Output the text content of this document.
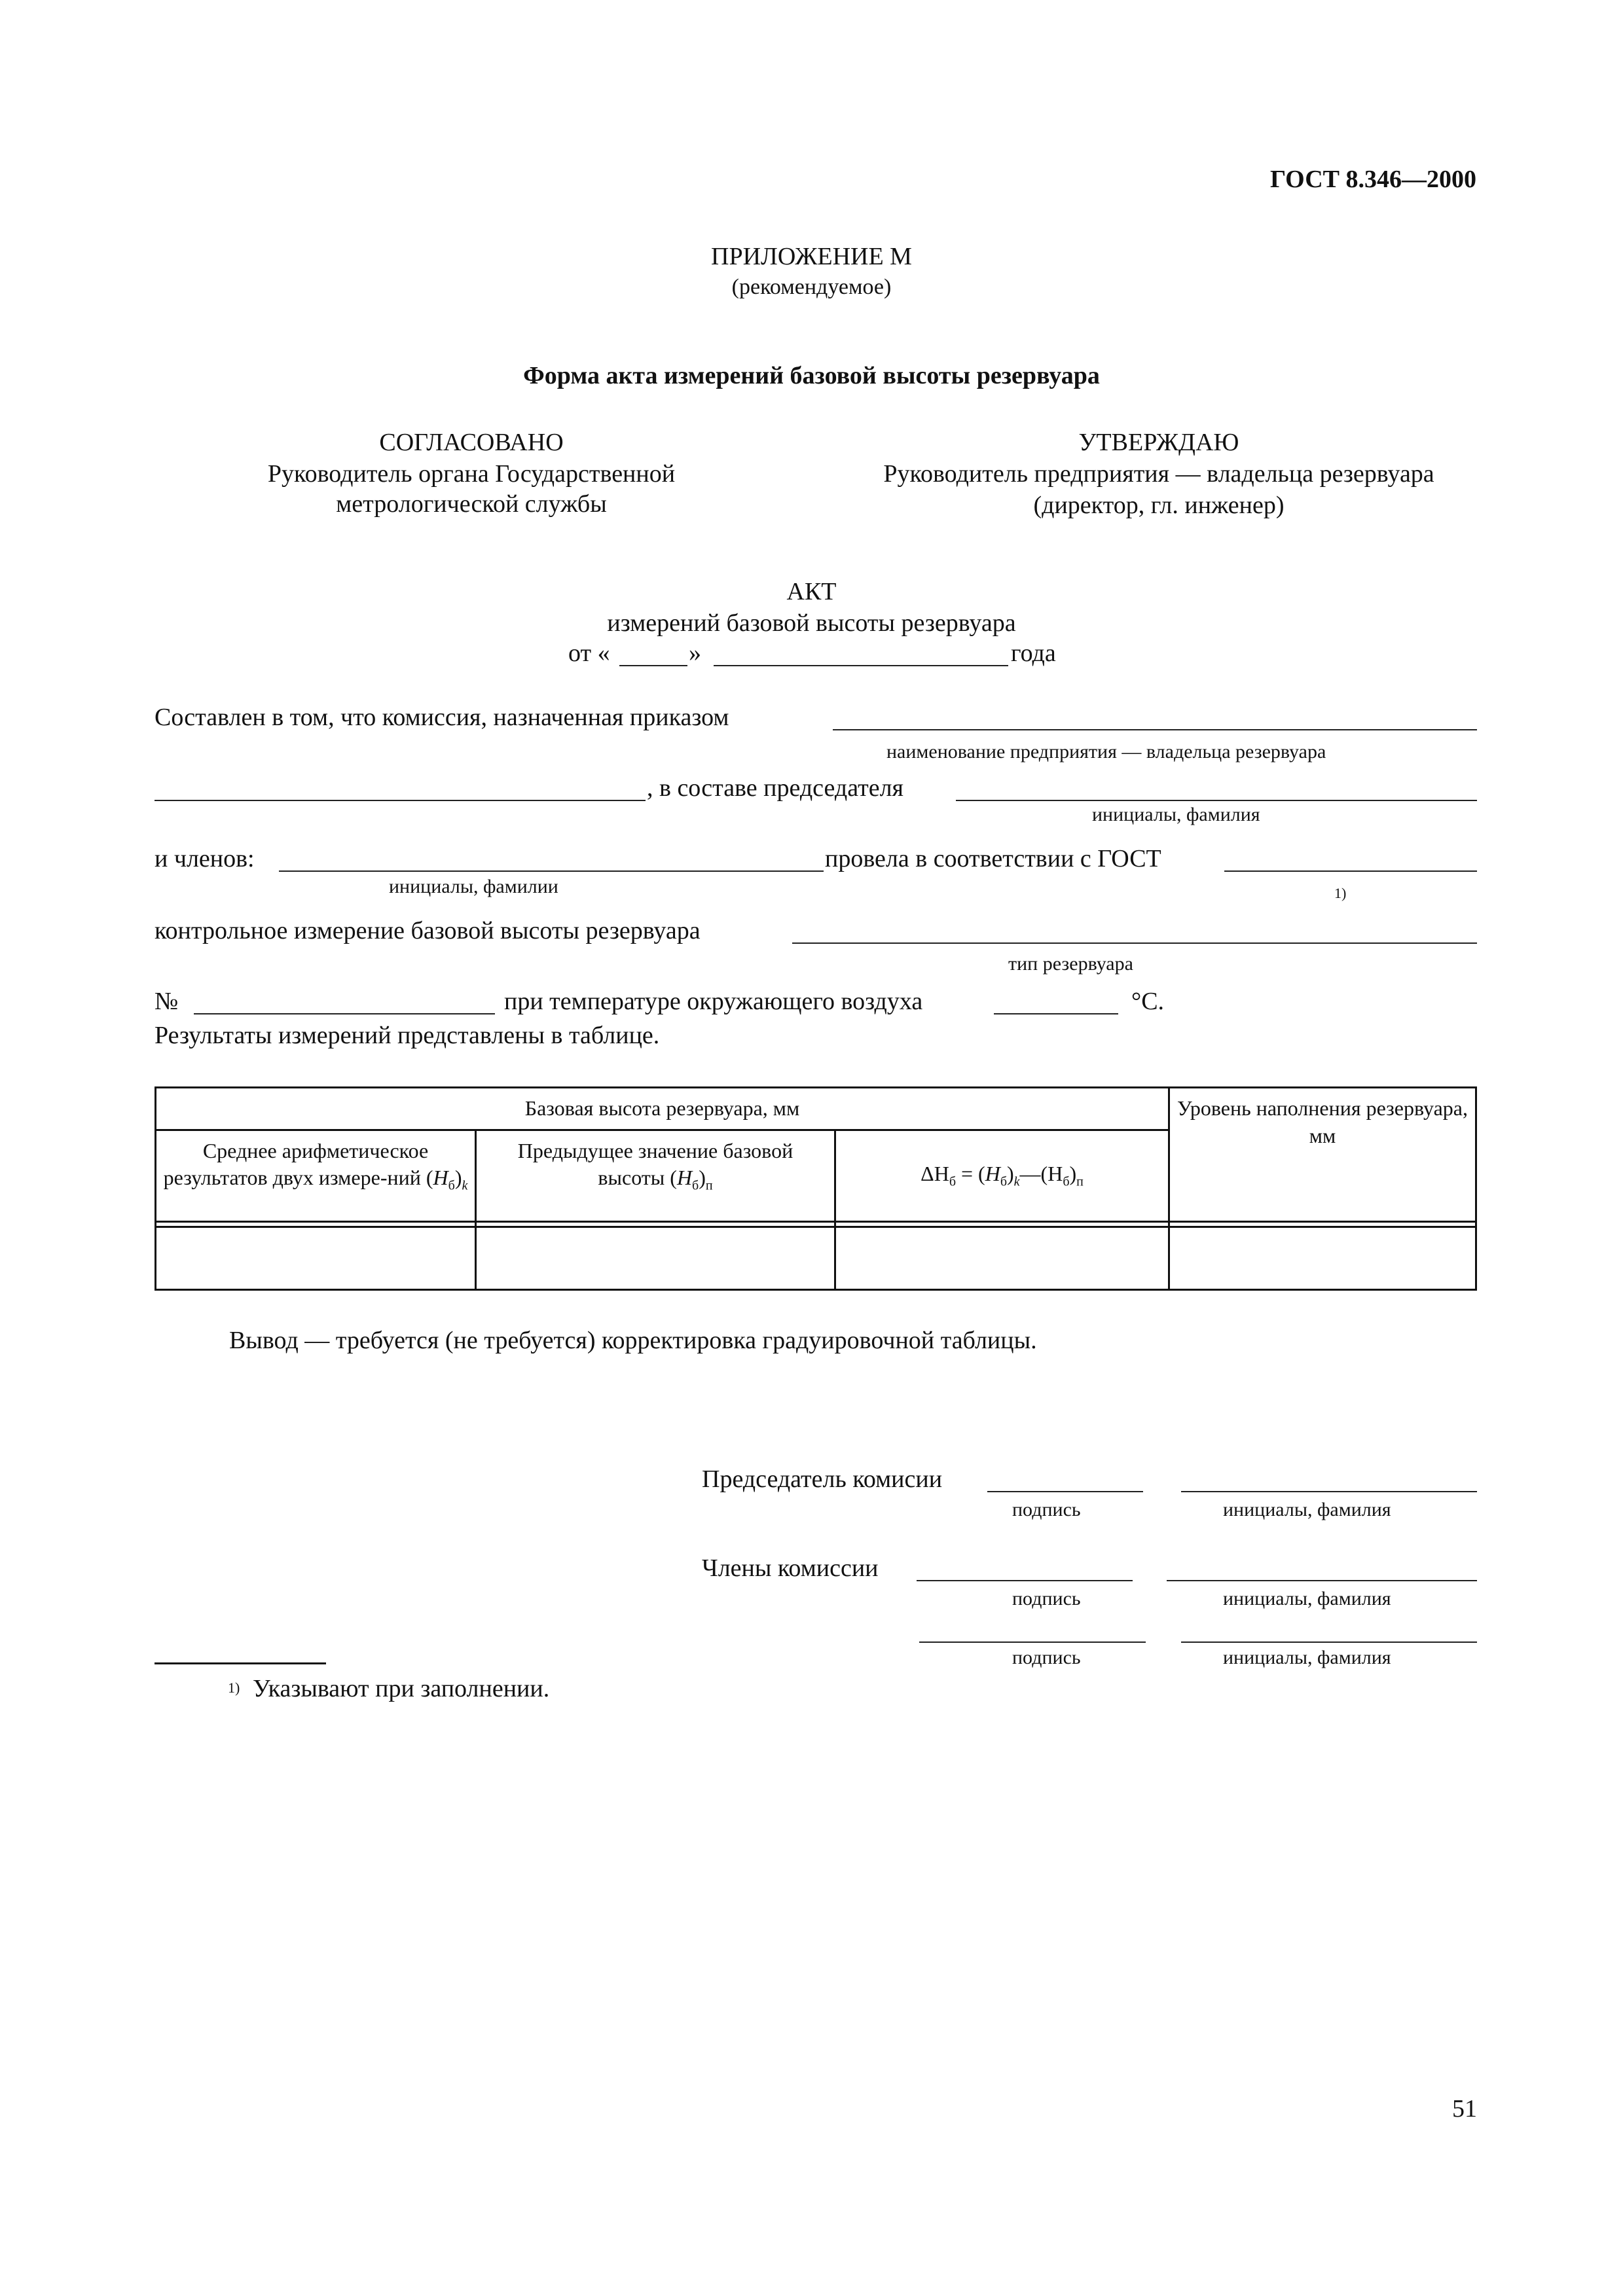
ГОСТ 8.346—2000
ПРИЛОЖЕНИЕ М
(рекомендуемое)
Форма акта измерений базовой высоты резервуара
СОГЛАСОВАНО
Руководитель органа Государственной
метрологической службы
УТВЕРЖДАЮ
Руководитель предприятия — владельца резервуара
(директор, гл. инженер)
АКТ
измерений базовой высоты резервуара
от «	»	года
Составлен в том, что комиссия, назначенная приказом
наименование предприятия — владельца резервуара
, в составе председателя
инициалы, фамилия
и членов:	провела в соответствии с ГОСТ
инициалы, фамилии	1)
контрольное измерение базовой высоты резервуара
тип резервуара
№	при температуре окружающего воздуха	°С.
Результаты измерений представлены в таблице.
Базовая высота резервуара, мм			Уровень наполнения резервуара, мм
Среднее арифметическое результатов двух измере-ний $(H_б)_k$	Предыдущее значение базовой высоты $(H_б)_п$	$\Delta H_б$ = $(H_б)_k—(Н_б)_п$

Вывод — требуется (не требуется) корректировка градуировочной таблицы.
Председатель комисии
подпись	инициалы, фамилия
Члены комиссии
подпись	инициалы, фамилия
подпись	инициалы, фамилия
1) Указывают при заполнении.
51
